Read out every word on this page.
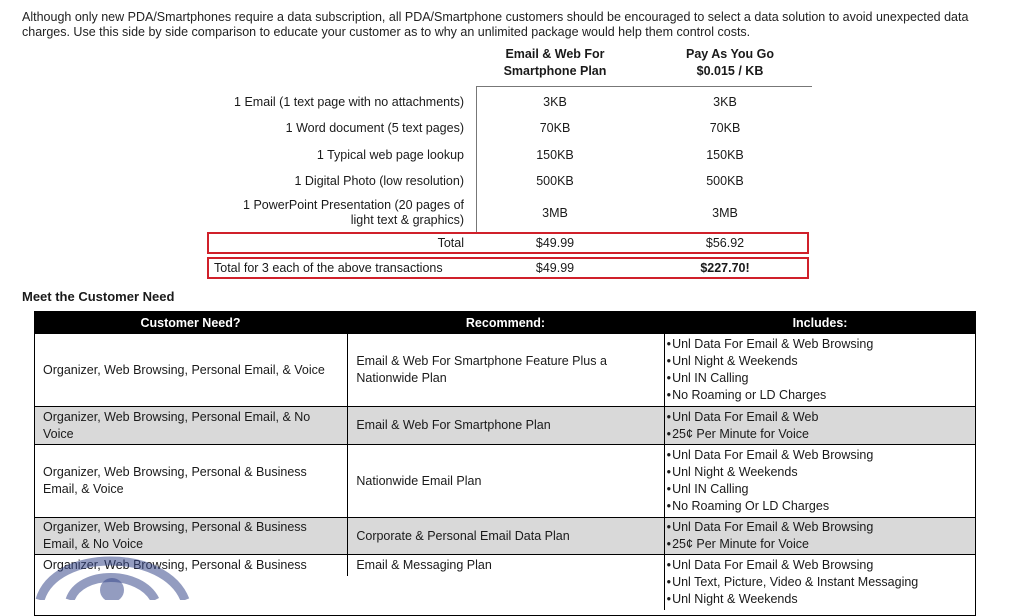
Although only new PDA/Smartphones require a data subscription, all PDA/Smartphone customers should be encouraged to select a data solution to avoid unexpected data charges. Use this side by side comparison to educate your customer as to why an unlimited package would help them control costs.
Email & Web For Smartphone Plan
Pay As You Go
$0.015 / KB
1 Email (1 text page with no attachments)	3KB	3KB
1 Word document (5 text pages)	70KB	70KB
1 Typical web page lookup	150KB	150KB
1 Digital Photo (low resolution)	500KB	500KB
1 PowerPoint Presentation (20 pages of light text & graphics)	3MB	3MB
Total	$49.99	$56.92
Total for 3 each of the above transactions	$49.99	$227.70!
Meet the Customer Need
Customer Need?	Recommend:	Includes:
Organizer, Web Browsing, Personal Email, & Voice
Email & Web For Smartphone Feature Plus a Nationwide Plan
• Unl Data For Email & Web Browsing
• Unl Night & Weekends
• Unl IN Calling
• No Roaming or LD Charges
Organizer, Web Browsing, Personal Email, & No Voice
Email & Web For Smartphone Plan
• Unl Data For Email & Web
• 25¢ Per Minute for Voice
Organizer, Web Browsing, Personal & Business Email, & Voice
Nationwide Email Plan
• Unl Data For Email & Web Browsing
• Unl Night & Weekends
• Unl IN Calling
• No Roaming Or LD Charges
Organizer, Web Browsing, Personal & Business Email, & No Voice
Corporate & Personal Email Data Plan
• Unl Data For Email & Web Browsing
• 25¢ Per Minute for Voice
Organizer, Web Browsing, Personal & Business	Email & Messaging Plan
•	Unl Data For Email & Web Browsing
• Unl Text, Picture, Video & Instant Messaging
• Unl Night & Weekends
